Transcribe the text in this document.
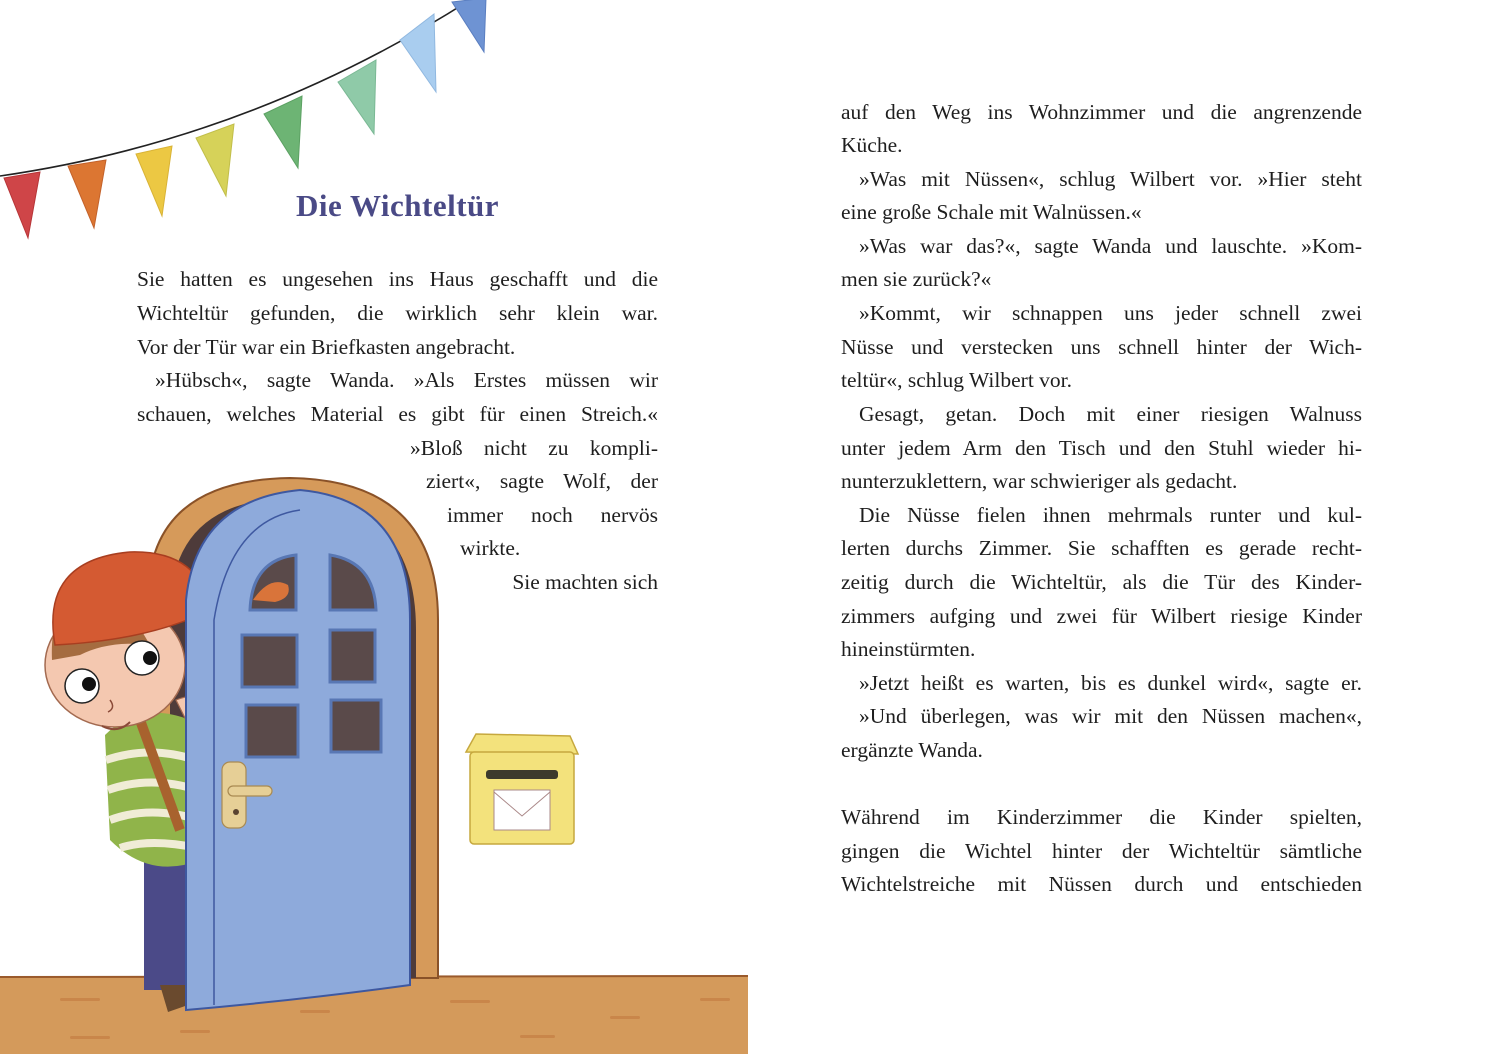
Die Wichteltür
Sie hatten es ungesehen ins Haus geschafft und die
Wichteltür gefunden, die wirklich sehr klein war.
Vor der Tür war ein Briefkasten angebracht.
»Hübsch«, sagte Wanda. »Als Erstes müssen wir
schauen, welches Material es gibt für einen Streich.«
»Bloß nicht zu kompli-
ziert«, sagte Wolf, der
immer noch nervös
wirkte.
Sie machten sich
auf den Weg ins Wohnzimmer und die angrenzende
Küche.
»Was mit Nüssen«, schlug Wilbert vor. »Hier steht
eine große Schale mit Walnüssen.«
»Was war das?«, sagte Wanda und lauschte. »Kom-
men sie zurück?«
»Kommt, wir schnappen uns jeder schnell zwei
Nüsse und verstecken uns schnell hinter der Wich-
teltür«, schlug Wilbert vor.
Gesagt, getan. Doch mit einer riesigen Walnuss
unter jedem Arm den Tisch und den Stuhl wieder hi-
nunterzuklettern, war schwieriger als gedacht.
Die Nüsse fielen ihnen mehrmals runter und kul-
lerten durchs Zimmer. Sie schafften es gerade recht-
zeitig durch die Wichteltür, als die Tür des Kinder-
zimmers aufging und zwei für Wilbert riesige Kinder
hineinstürmten.
»Jetzt heißt es warten, bis es dunkel wird«, sagte er.
»Und überlegen, was wir mit den Nüssen machen«,
ergänzte Wanda.
Während im Kinderzimmer die Kinder spielten,
gingen die Wichtel hinter der Wichteltür sämtliche
Wichtelstreiche mit Nüssen durch und entschieden
